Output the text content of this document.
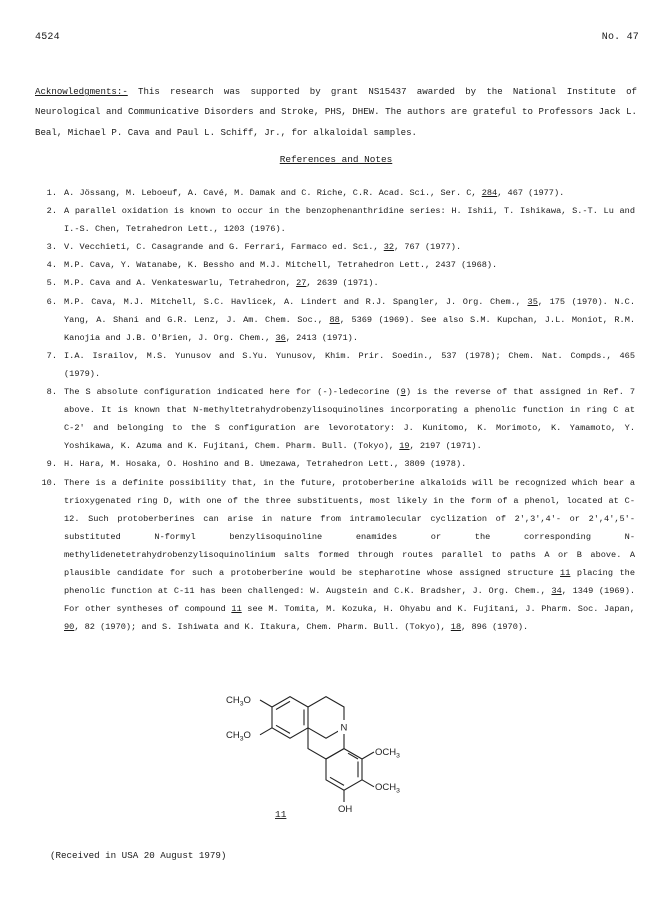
4524	No. 47
Acknowledgments:- This research was supported by grant NS15437 awarded by the National Institute of Neurological and Communicative Disorders and Stroke, PHS, DHEW. The authors are grateful to Professors Jack L. Beal, Michael P. Cava and Paul L. Schiff, Jr., for alkaloidal samples.
References and Notes
1. A. Jössang, M. Leboeuf, A. Cavé, M. Damak and C. Riche, C.R. Acad. Sci., Ser. C, 284, 467 (1977).
2. A parallel oxidation is known to occur in the benzophenanthridine series: H. Ishii, T. Ishikawa, S.-T. Lu and I.-S. Chen, Tetrahedron Lett., 1203 (1976).
3. V. Vecchieti, C. Casagrande and G. Ferrari, Farmaco ed. Sci., 32, 767 (1977).
4. M.P. Cava, Y. Watanabe, K. Bessho and M.J. Mitchell, Tetrahedron Lett., 2437 (1968).
5. M.P. Cava and A. Venkateswarlu, Tetrahedron, 27, 2639 (1971).
6. M.P. Cava, M.J. Mitchell, S.C. Havlicek, A. Lindert and R.J. Spangler, J. Org. Chem., 35, 175 (1970). N.C. Yang, A. Shani and G.R. Lenz, J. Am. Chem. Soc., 88, 5369 (1969). See also S.M. Kupchan, J.L. Moniot, R.M. Kanojia and J.B. O'Brien, J. Org. Chem., 36, 2413 (1971).
7. I.A. Israilov, M.S. Yunusov and S.Yu. Yunusov, Khim. Prir. Soedin., 537 (1978); Chem. Nat. Compds., 465 (1979).
8. The S absolute configuration indicated here for (-)-ledecorine (9) is the reverse of that assigned in Ref. 7 above. It is known that N-methyltetrahydrobenzylisoquinolines incorporating a phenolic function in ring C at C-2' and belonging to the S configuration are levorotatory: J. Kunitomo, K. Morimoto, K. Yamamoto, Y. Yoshikawa, K. Azuma and K. Fujitani, Chem. Pharm. Bull. (Tokyo), 19, 2197 (1971).
9. H. Hara, M. Hosaka, O. Hoshino and B. Umezawa, Tetrahedron Lett., 3809 (1978).
10. There is a definite possibility that, in the future, protoberberine alkaloids will be recognized which bear a trioxygenated ring D, with one of the three substituents, most likely in the form of a phenol, located at C-12. Such protoberberines can arise in nature from intramolecular cyclization of 2',3',4'- or 2',4',5'-substituted N-formyl benzylisoquinoline enamides or the corresponding N-methylidenetetrahydrobenzylisoquinolinium salts formed through routes parallel to paths A or B above. A plausible candidate for such a protoberberine would be stepharotine whose assigned structure 11 placing the phenolic function at C-11 has been challenged: W. Augstein and C.K. Bradsher, J. Org. Chem., 34, 1349 (1969). For other syntheses of compound 11 see M. Tomita, M. Kozuka, H. Ohyabu and K. Fujitani, J. Pharm. Soc. Japan, 90, 82 (1970); and S. Ishiwata and K. Itakura, Chem. Pharm. Bull. (Tokyo), 18, 896 (1970).
$CH_3O$
$CH_3O$
N
$OCH_3$
$OCH_3$
OH
11
(Received in USA 20 August 1979)
